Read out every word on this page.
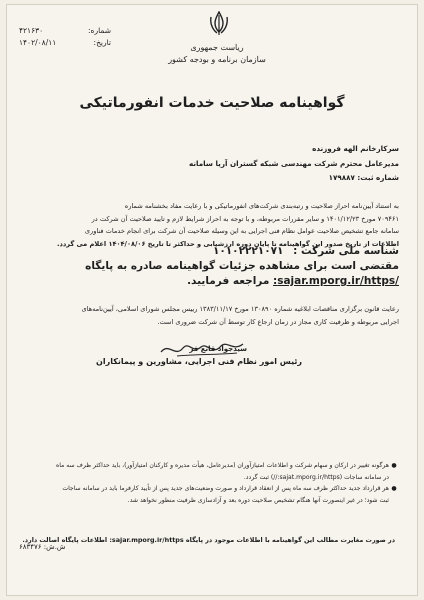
۴۲۱۶۳۰	شماره:
۱۴۰۲/۰۸/۱۱	تاریخ:
ریاست جمهوری
سازمان برنامه و بودجه کشور
گواهینامه صلاحیت خدمات انفورماتیکی
سرکارخانم الهه فروزنده
مدیرعامل محترم شرکت مهندسی شبکه گستران آریا سامانه
شماره ثبت: ۱۷۹۸۸۷
به استناد آیین‌نامه احراز صلاحیت و رتبه‌بندی شرکت‌های انفورماتیکی و با رعایت مفاد بخشنامه شماره
۷۰۹۴۶۱ مورخ ۱۴۰۱/۱۲/۲۳ و سایر مقررات مربوطه، و با توجه به احراز شرایط لازم و تایید صلاحیت آن شرکت در
سامانه جامع تشخیص صلاحیت عوامل نظام فنی اجرایی به این وسیله صلاحیت آن شرکت برای انجام خدمات فناوری
اطلاعات از تاریخ صدور این گواهینامه تا پایان دوره ارزشیابی و حداکثر تا تاریخ ۱۴۰۴/۰۸/۰۶ اعلام می گردد.
شناسه ملی شرکت : ۱۰۱۰۲۲۲۱۰۷۱
مقتضی است برای مشاهده جزئیات گواهینامه صادره به پایگاه
/sajar.mporg.ir/https: مراجعه فرمایید.
رعایت قانون برگزاری مناقصات ابلاغیه شماره ۱۳۰۸۹۰ مورخ ۱۳۸۳/۱۱/۱۷ رییس مجلس شورای اسلامی، آیین‌نامه‌های
اجرایی مربوطه و ظرفیت کاری مجاز در زمان ارجاع کار توسط آن شرکت ضروری است.
سیدجواد قانع فر
رئیس امور نظام فنی اجرایی، مشاورین و پیمانکاران
●
هرگونه تغییر در ارکان و سهام شرکت و اطلاعات امتیازآوران (مدیرعامل، هیأت مدیره و کارکنان امتیازآور)، باید حداکثر ظرف سه ماه
در سامانه ساجات (sajat.mporg.ir/https://) ثبت گردد.
●
هر قرارداد جدید حداکثر ظرف سه ماه پس از انعقاد قرارداد و صورت وضعیت‌های جدید پس از تأیید کارفرما باید در سامانه ساجات
ثبت شود؛ در غیر اینصورت آنها هنگام تشخیص صلاحیت دوره بعد و آزادسازی ظرفیت منظور نخواهد شد.
در صورت مغایرت مطالب این گواهینامه با اطلاعات موجود در پایگاه sajar.mporg.ir/https: اطلاعات پایگاه اصالت دارد.
ش.ش: ۶۸۳۴۷۶
